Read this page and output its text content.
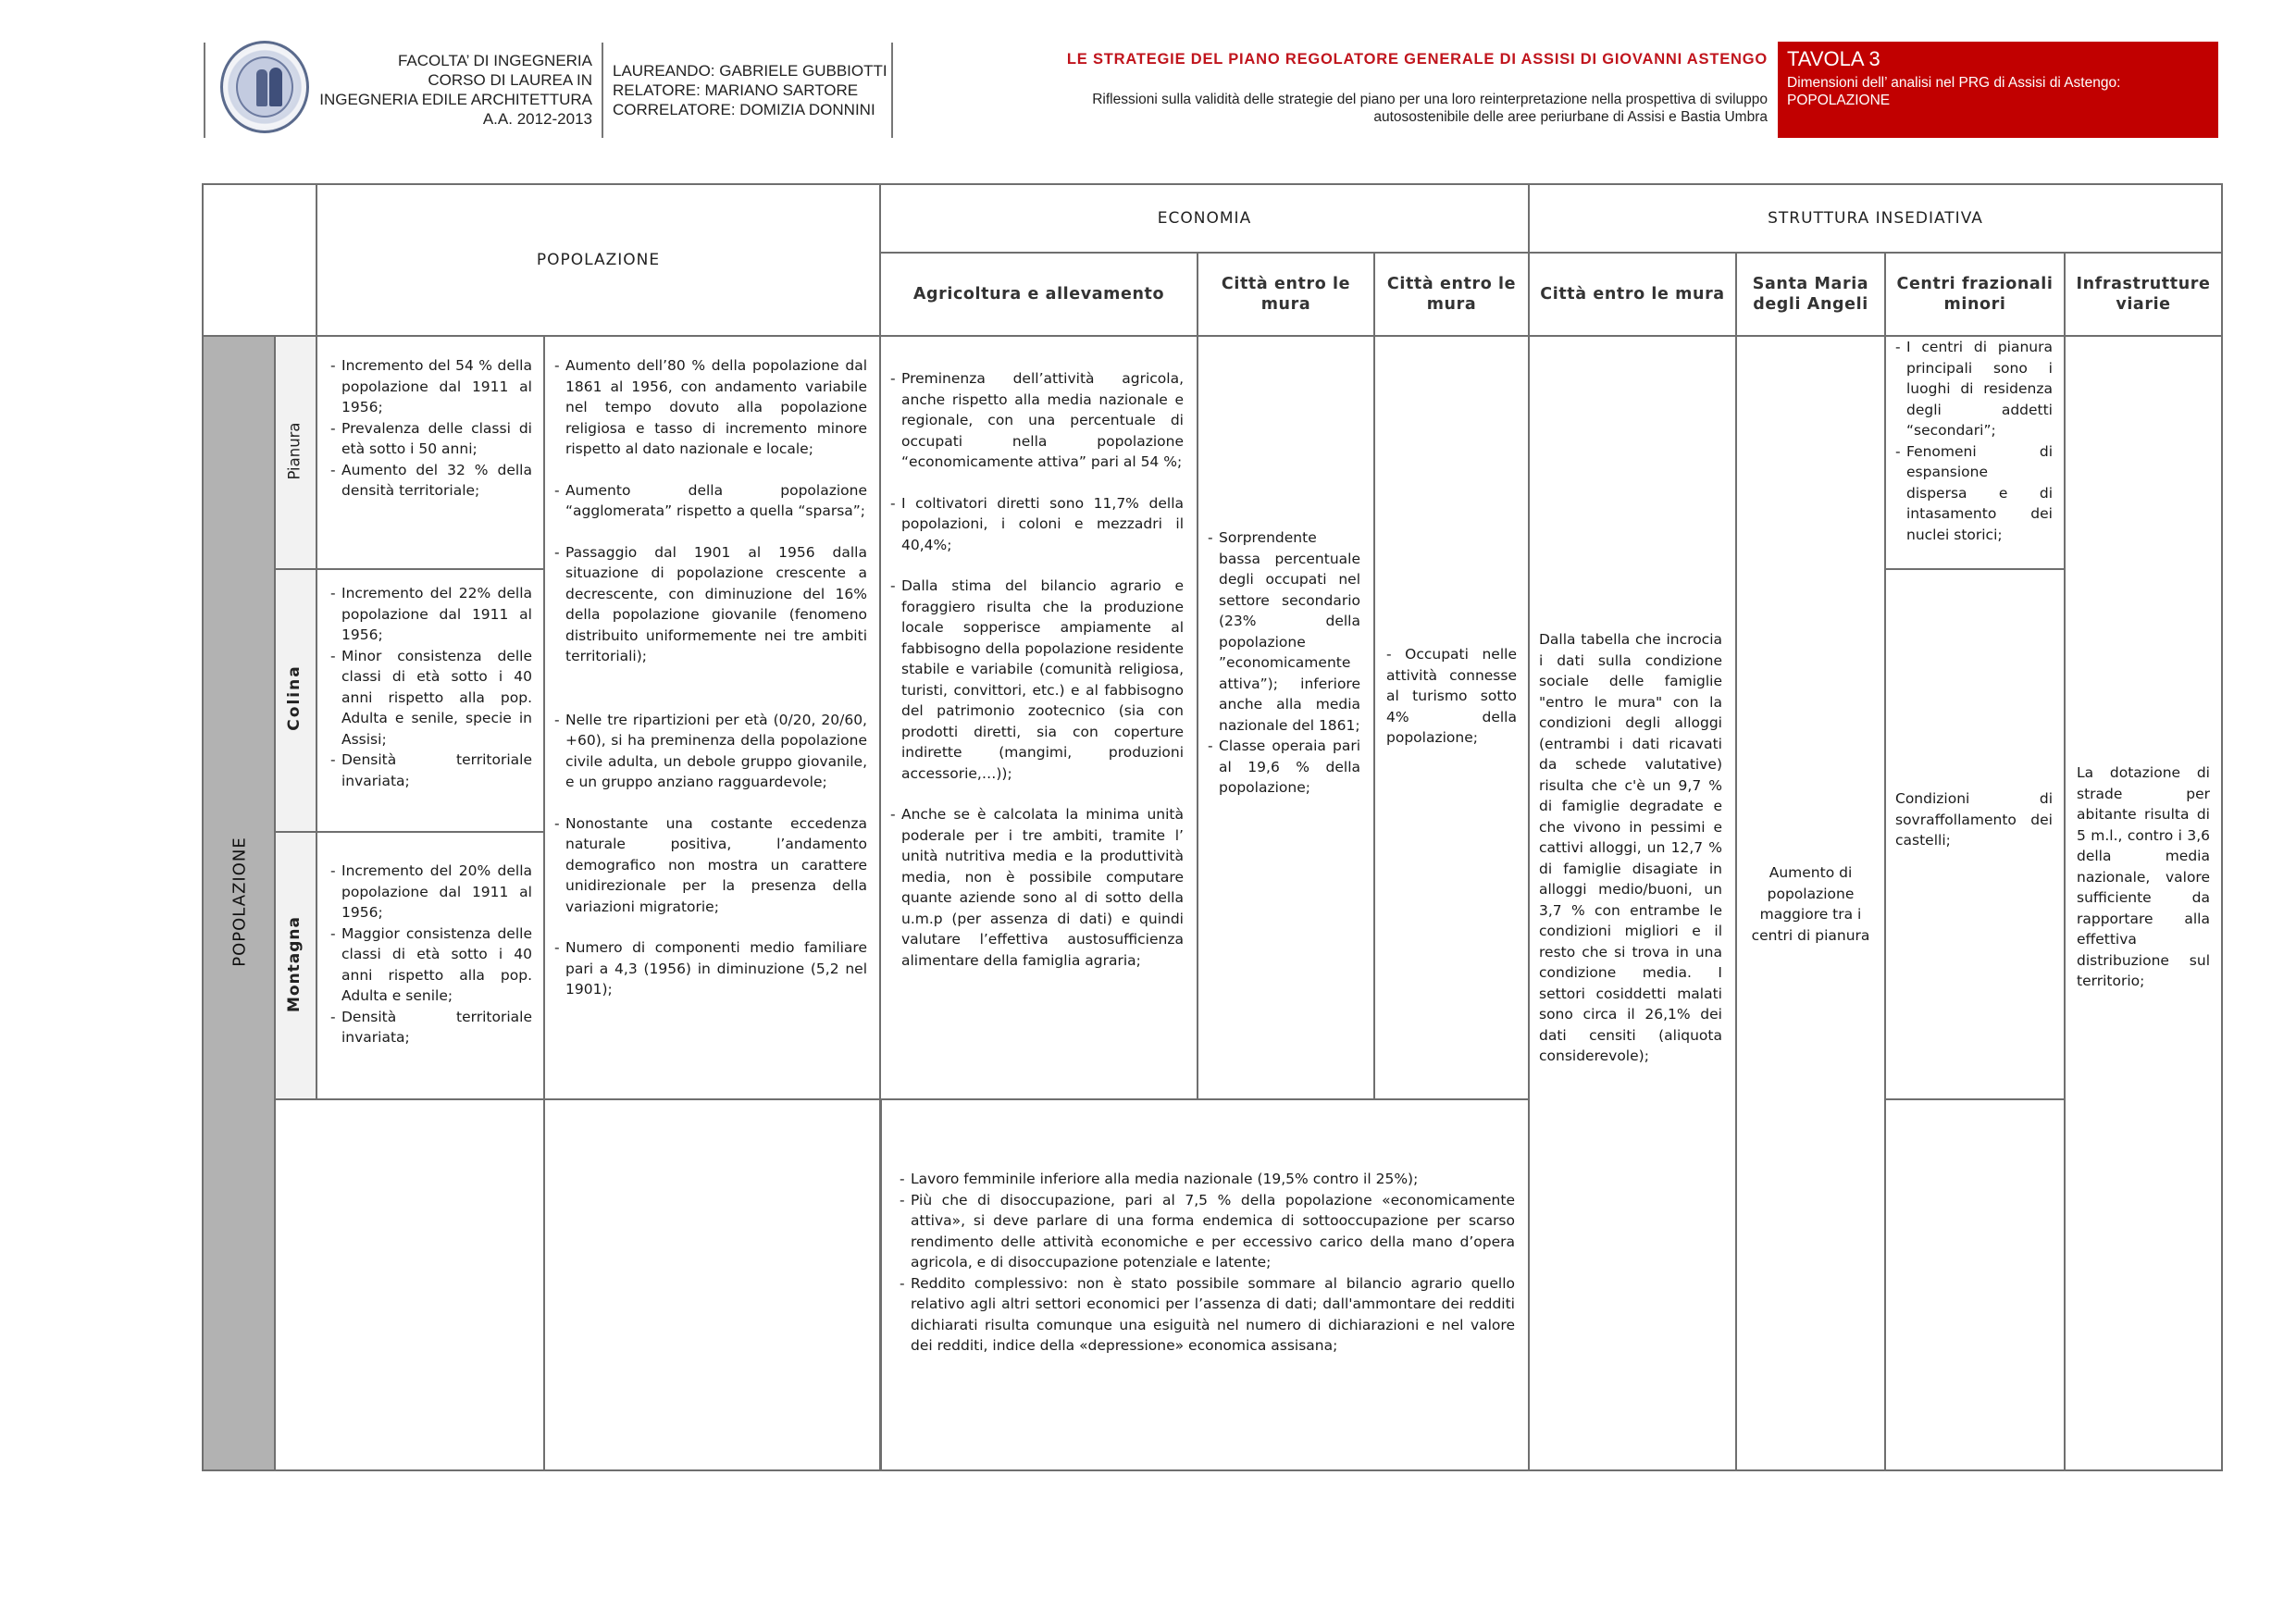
FACOLTA’ DI INGEGNERIA
CORSO DI LAUREA IN
INGEGNERIA EDILE ARCHITETTURA
A.A. 2012-2013
LAUREANDO: GABRIELE GUBBIOTTI
RELATORE: MARIANO SARTORE
CORRELATORE: DOMIZIA DONNINI
LE STRATEGIE DEL PIANO REGOLATORE GENERALE DI ASSISI DI GIOVANNI ASTENGO
Riflessioni sulla validità delle strategie del piano per una loro reinterpretazione nella prospettiva di sviluppo
autosostenibile delle aree periurbane di Assisi e Bastia Umbra
TAVOLA 3
Dimensioni dell’ analisi nel PRG di Assisi di Astengo:
POPOLAZIONE
POPOLAZIONE
ECONOMIA	STRUTTURA INSEDIATIVA
Agricoltura e allevamento
Città entro le mura
Città entro le mura
Città entro le mura
Santa Maria degli Angeli
Centri frazionali minori
Infrastrutture viarie
POPOLAZIONE
Pianura
Colina
Montagna
- Incremento del 54 % della popolazione dal 1911 al 1956;
- Prevalenza delle classi di età sotto i 50 anni;
- Aumento del 32 % della densità territoriale;
- Incremento del 22% della popolazione dal 1911 al 1956;
- Minor consistenza delle classi di età sotto i 40 anni rispetto alla pop. Adulta e senile, specie in Assisi;
- Densità territoriale invariata;
- Incremento del 20% della popolazione dal 1911 al 1956;
- Maggior consistenza delle classi di età sotto i 40 anni rispetto alla pop. Adulta e senile;
- Densità territoriale invariata;
- Aumento dell’80 % della popolazione dal 1861 al 1956, con andamento variabile nel tempo dovuto alla popolazione religiosa e tasso di incremento minore rispetto al dato nazionale e locale;
- Aumento della popolazione “agglomerata” rispetto a quella “sparsa”;
- Passaggio dal 1901 al 1956 dalla situazione di popolazione crescente a decrescente, con diminuzione del 16% della popolazione giovanile (fenomeno distribuito uniformemente nei tre ambiti territoriali);
- Nelle tre ripartizioni per età (0/20, 20/60, +60), si ha preminenza della popolazione civile adulta, un debole gruppo giovanile, e un gruppo anziano ragguardevole;
- Nonostante una costante eccedenza naturale positiva, l’andamento demografico non mostra un carattere unidirezionale per la presenza della variazioni migratorie;
- Numero di componenti medio familiare pari a 4,3 (1956) in diminuzione (5,2 nel 1901);
- Preminenza dell’attività agricola, anche rispetto alla media nazionale e regionale, con una percentuale di occupati nella popolazione “economicamente attiva” pari al 54 %;
- I coltivatori diretti sono 11,7% della popolazioni, i coloni e mezzadri il 40,4%;
- Dalla stima del bilancio agrario e foraggiero risulta che la produzione locale sopperisce ampiamente al fabbisogno della popolazione residente stabile e variabile (comunità religiosa, turisti, convittori, etc.) e al fabbisogno del patrimonio zootecnico (sia con prodotti diretti, sia con coperture indirette (mangimi, produzioni accessorie,…));
- Anche se è calcolata la minima unità poderale per i tre ambiti, tramite l’ unità nutritiva media e la produttività media, non è possibile computare quante aziende sono al di sotto della u.m.p (per assenza di dati) e quindi valutare l’effettiva austosufficienza alimentare della famiglia agraria;
- Sorprendente bassa percentuale degli occupati nel settore secondario (23% della popolazione ”economicamente attiva”); inferiore anche alla media nazionale del 1861;
- Classe operaia pari al 19,6 % della popolazione;
- Occupati nelle attività connesse al turismo sotto 4% della popolazione;
- Lavoro femminile inferiore alla media nazionale (19,5% contro il 25%);
- Più che di disoccupazione, pari al 7,5 % della popolazione «economicamente attiva», si deve parlare di una forma endemica di sottooccupazione per scarso rendimento delle attività economiche e per eccessivo carico della mano d’opera agricola, e di disoccupazione potenziale e latente;
- Reddito complessivo: non è stato possibile sommare al bilancio agrario quello relativo agli altri settori economici per l’assenza di dati; dall'ammontare dei redditi dichiarati risulta comunque una esiguità nel numero di dichiarazioni e nel valore dei redditi, indice della «depressione» economica assisana;
Dalla tabella che incrocia i dati sulla condizione sociale delle famiglie "entro le mura" con la condizioni degli alloggi (entrambi i dati ricavati da schede valutative) risulta che c'è un 9,7 % di famiglie degradate e che vivono in pessimi e cattivi alloggi, un 12,7 % di famiglie disagiate in alloggi medio/buoni, un 3,7 % con entrambe le condizioni migliori e il resto che si trova in una condizione media. I settori cosiddetti malati sono circa il 26,1% dei dati censiti (aliquota considerevole);
Aumento di popolazione maggiore tra i centri di pianura
- I centri di pianura principali sono i luoghi di residenza degli addetti “secondari”;
- Fenomeni di espansione dispersa e di intasamento dei nuclei storici;
Condizioni di sovraffollamento dei castelli;
La dotazione di strade per abitante risulta di 5 m.l., contro i 3,6 della media nazionale, valore sufficiente da rapportare alla effettiva distribuzione sul territorio;
